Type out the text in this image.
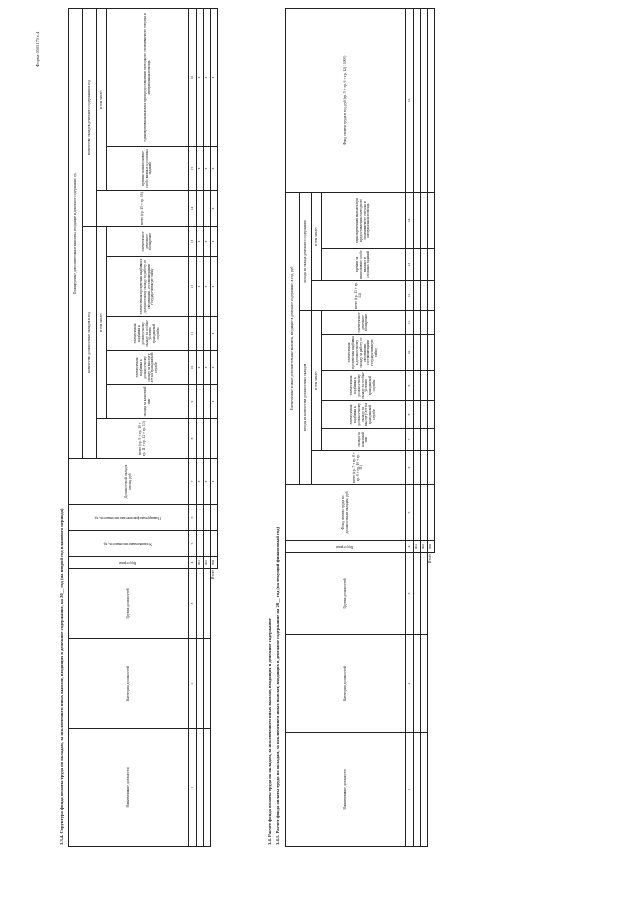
Форма 0505175 с.4
3.3.4. Структура фонда оплаты труда по окладам, за исключением иных выплат, входящих в денежное содержание, на 20__ год (на второй год планового периода)	Наименование должности	Категория должностей	Группа должностей	Код строки	Установленная численность, ед.	Планируемая фактическая численность, ед.	Должностной оклад в месяц, руб	Планируемые дополнительные выплаты, входящие в денежное содержание, ед.								
							количество должностных окладов в год						количество окладов денежного содержания в год		
							всего (гр. 9 + гр. 10 + гр. 11 + гр. 12 + гр. 13)	в том числе:					всего (гр. 15 + гр. 16)	в том числе:	
								оклада за классный чин	ежемесячная надбавка к должностному окладу за выслугу лет на гражданской службе	ежемесячная надбавка к должностному окладу за особые условия гражданской службы	ежемесячная процентная надбавка к должностному окладу за работу со сведениями, составляющими государственную тайну	ежемесячное денежное поощрение		премии за выполнение особо важных и сложных заданий	единовременная выплата при предоставлении ежегодного оплачиваемого отпуска и материальная помощь
1	2	3	4	5	6	7	8	9	10	11	12	13	14	15	16
			001			x			x		x	x		x	x
			002			x			x		x	x		x	x
		Итого	900			x		x	x	x	x	x	x	x	x
3.4. Расчет фонда оплаты труда по окладам, за исключением иных выплат, входящих в денежное содержание 3.4.1. Расчет фонда оплаты труда по окладам, за исключением иных выплат, входящих в денежное содержание на 20__ год (на текущий финансовый год)	Наименование должности	Категория должностей	Группа должностей	Код строки	Фонд оплаты труда по должностным окладам, руб	Ежемесячные и иные дополнительные выплаты, входящие в денежное содержание, в год, руб									Фонд оплаты труда в год, руб (гр. 5 + гр. 6 + гр. 12) / 1000)
					исходя из количества должностных окладов						исходя из оклада денежного содержания			
					всего (гр. 7 + гр. 8 + гр. 9 + гр. 10 + гр. 11)	в том числе:					всего (гр. 13 + гр. 14)	в том числе:		
						оклада за классный чин	ежемесячная надбавка к должностному окладу за выслугу лет на гражданской службе	ежемесячная надбавка к должностному окладу за особые условия гражданской службы	ежемесячная процентная надбавка к должностному окладу за работу со сведениями, составляющими государственную тайну	ежемесячное денежное поощрение		премии за выполнение особо важных и сложных заданий	единовременная выплата при предоставлении ежегодного оплачиваемого отпуска и материальная помощь	
1	2	3	4	5	6	7	8	9	10	11	12	13	14	15
			001											
			002											
		Итого	900											
